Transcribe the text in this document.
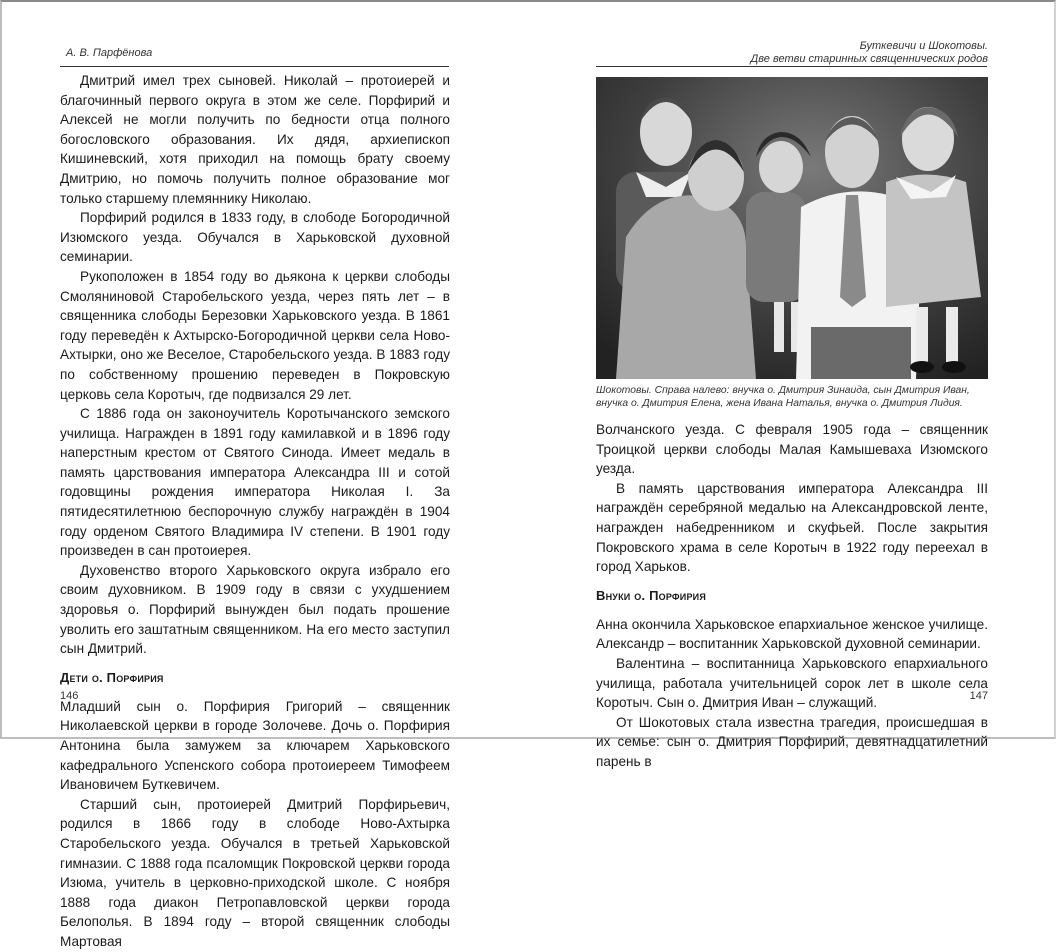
А. В. Парфёнова

Дмитрий имел трех сыновей. Николай – протоиерей и благочинный первого округа в этом же селе. Порфирий и Алексей не могли получить по бедности отца полного богословского образования. Их дядя, архиепископ Кишиневский, хотя приходил на помощь брату своему Дмитрию, но помочь получить полное образование мог только старшему племяннику Николаю.

Порфирий родился в 1833 году, в слободе Богородичной Изюмского уезда. Обучался в Харьковской духовной семинарии.

Рукоположен в 1854 году во дьякона к церкви слободы Смоляниновой Старобельского уезда, через пять лет – в священника слободы Березовки Харьковского уезда. В 1861 году переведён к Ахтырско-Богородичной церкви села Ново-Ахтырки, оно же Веселое, Старобельского уезда. В 1883 году по собственному прошению переведен в Покровскую церковь села Коротыч, где подвизался 29 лет.

С 1886 года он законоучитель Коротычанского земского училища. Награжден в 1891 году камилавкой и в 1896 году наперстным крестом от Святого Синода. Имеет медаль в память царствования императора Александра III и сотой годовщины рождения императора Николая I. За пятидесятилетнюю беспорочную службу награждён в 1904 году орденом Святого Владимира IV степени. В 1901 году произведен в сан протоиерея.

Духовенство второго Харьковского округа избрало его своим духовником. В 1909 году в связи с ухудшением здоровья о. Порфирий вынужден был подать прошение уволить его заштатным священником. На его место заступил сын Дмитрий.

Дети о. Порфирия

Младший сын о. Порфирия Григорий – священник Николаевской церкви в городе Золочеве. Дочь о. Порфирия Антонина была замужем за ключарем Харьковского кафедрального Успенского собора протоиереем Тимофеем Ивановичем Буткевичем.

Старший сын, протоиерей Дмитрий Порфирьевич, родился в 1866 году в слободе Ново-Ахтырка Старобельского уезда. Обучался в третьей Харьковской гимназии. С 1888 года псаломщик Покровской церкви города Изюма, учитель в церковно-приходской школе. С ноября 1888 года диакон Петропавловской церкви города Белополья. В 1894 году – второй священник слободы Мартовая

146
Буткевичи и Шокотовы.
Две ветви старинных священнических родов
Шокотовы. Справа налево: внучка о. Дмитрия Зинаида, сын Дмитрия Иван, внучка о. Дмитрия Елена, жена Ивана Наталья, внучка о. Дмитрия Лидия.

Волчанского уезда. С февраля 1905 года – священник Троицкой церкви слободы Малая Камышеваха Изюмского уезда.

В память царствования императора Александра III награждён серебряной медалью на Александровской ленте, награжден набедренником и скуфьей. После закрытия Покровского храма в селе Коротыч в 1922 году переехал в город Харьков.

Внуки о. Порфирия

Анна окончила Харьковское епархиальное женское училище. Александр – воспитанник Харьковской духовной семинарии.

Валентина – воспитанница Харьковского епархиального училища, работала учительницей сорок лет в школе села Коротыч. Сын о. Дмитрия Иван – служащий.

От Шокотовых стала известна трагедия, происшедшая в их семье: сын о. Дмитрия Порфирий, девятнадцатилетний парень в

147
